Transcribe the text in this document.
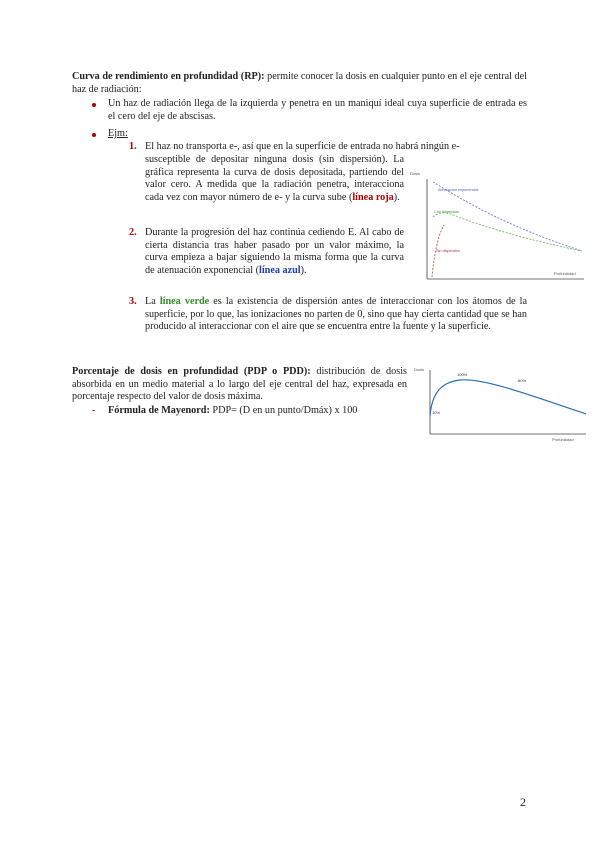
Curva de rendimiento en profundidad (RP): permite conocer la dosis en cualquier punto en el eje central del haz de radiación:
Un haz de radiación llega de la izquierda y penetra en un maniquí ideal cuya superficie de entrada es el cero del eje de abscisas.
Ejm:
1. El haz no transporta e-, así que en la superficie de entrada no habrá ningún e-
susceptible de depositar ninguna dosis (sin dispersión). La gráfica representa la curva de dosis depositada, partiendo del valor cero. A medida que la radiación penetra, interacciona cada vez con mayor número de e- y la curva sube (línea roja).
2. Durante la progresión del haz continúa cediendo E. Al cabo de cierta distancia tras haber pasado por un valor máximo, la curva empieza a bajar siguiendo la misma forma que la curva de atenuación exponencial (línea azul).
3. La línea verde es la existencia de dispersión antes de interaccionar con los átomos de la superficie, por lo que, las ionizaciones no parten de 0, sino que hay cierta cantidad que se han producido al interaccionar con el aire que se encuentra entre la fuente y la superficie.
Dosis
Profundidad
Atenuación exponencial
Con dispersión
Sin dispersión
Porcentaje de dosis en profundidad (PDP o PDD): distribución de dosis absorbida en un medio material a lo largo del eje central del haz, expresada en porcentaje respecto del valor de dosis máxima.
- Fórmula de Mayenord: PDP= (D en un punto/Dmáx) x 100
Dosis
Profundidad
100%
80%
10%
2
